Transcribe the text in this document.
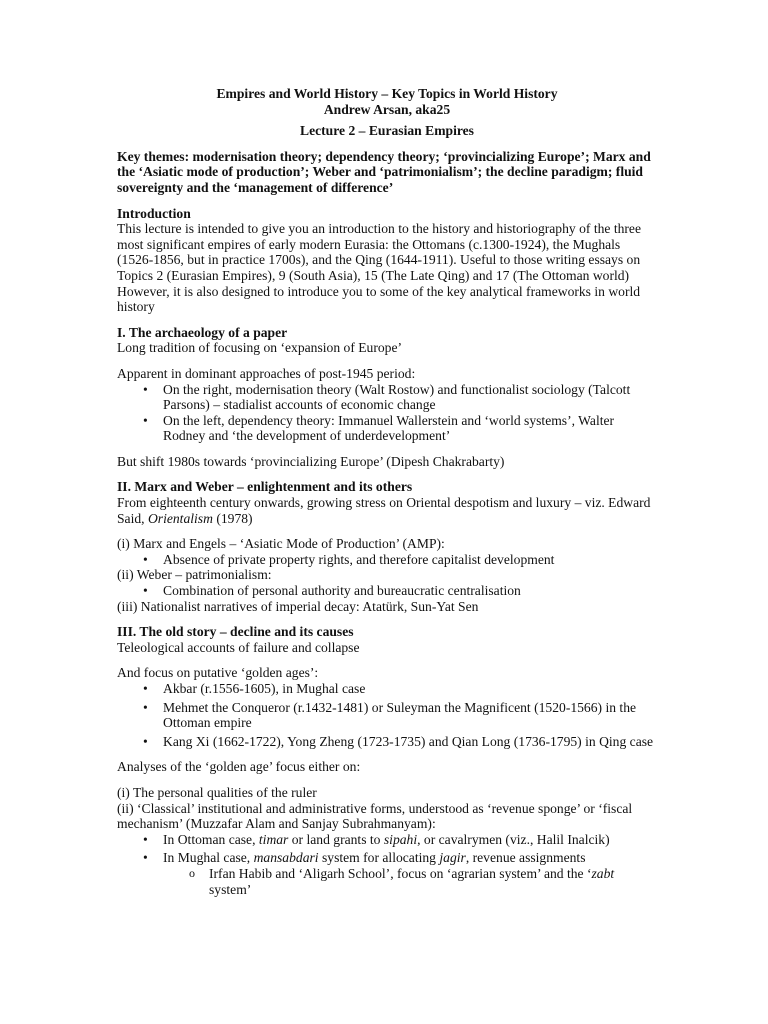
Empires and World History – Key Topics in World History

Andrew Arsan, aka25

Lecture 2 – Eurasian Empires

Key themes: modernisation theory; dependency theory; ‘provincializing Europe’; Marx and the ‘Asiatic mode of production’; Weber and ‘patrimonialism’; the decline paradigm; fluid sovereignty and the ‘management of difference’

Introduction

This lecture is intended to give you an introduction to the history and historiography of the three most significant empires of early modern Eurasia: the Ottomans (c.1300-1924), the Mughals (1526-1856, but in practice 1700s), and the Qing (1644-1911). Useful to those writing essays on Topics 2 (Eurasian Empires), 9 (South Asia), 15 (The Late Qing) and 17 (The Ottoman world)

However, it is also designed to introduce you to some of the key analytical frameworks in world history

I. The archaeology of a paper

Long tradition of focusing on ‘expansion of Europe’

Apparent in dominant approaches of post-1945 period:

• On the right, modernisation theory (Walt Rostow) and functionalist sociology (Talcott Parsons) – stadialist accounts of economic change
• On the left, dependency theory: Immanuel Wallerstein and ‘world systems’, Walter Rodney and ‘the development of underdevelopment’

But shift 1980s towards ‘provincializing Europe’ (Dipesh Chakrabarty)

II. Marx and Weber – enlightenment and its others

From eighteenth century onwards, growing stress on Oriental despotism and luxury – viz. Edward Said, Orientalism (1978)

(i) Marx and Engels – ‘Asiatic Mode of Production’ (AMP):

• Absence of private property rights, and therefore capitalist development

(ii) Weber – patrimonialism:

• Combination of personal authority and bureaucratic centralisation

(iii) Nationalist narratives of imperial decay: Atatürk, Sun-Yat Sen

III. The old story – decline and its causes

Teleological accounts of failure and collapse

And focus on putative ‘golden ages’:

• Akbar (r.1556-1605), in Mughal case
• Mehmet the Conqueror (r.1432-1481) or Suleyman the Magnificent (1520-1566) in the Ottoman empire
• Kang Xi (1662-1722), Yong Zheng (1723-1735) and Qian Long (1736-1795) in Qing case

Analyses of the ‘golden age’ focus either on:

(i) The personal qualities of the ruler

(ii) ‘Classical’ institutional and administrative forms, understood as ‘revenue sponge’ or ‘fiscal mechanism’ (Muzzafar Alam and Sanjay Subrahmanyam):

• In Ottoman case, timar or land grants to sipahi, or cavalrymen (viz., Halil Inalcik)
• In Mughal case, mansabdari system for allocating jagir, revenue assignments
o Irfan Habib and ‘Aligarh School’, focus on ‘agrarian system’ and the ‘zabt system’
